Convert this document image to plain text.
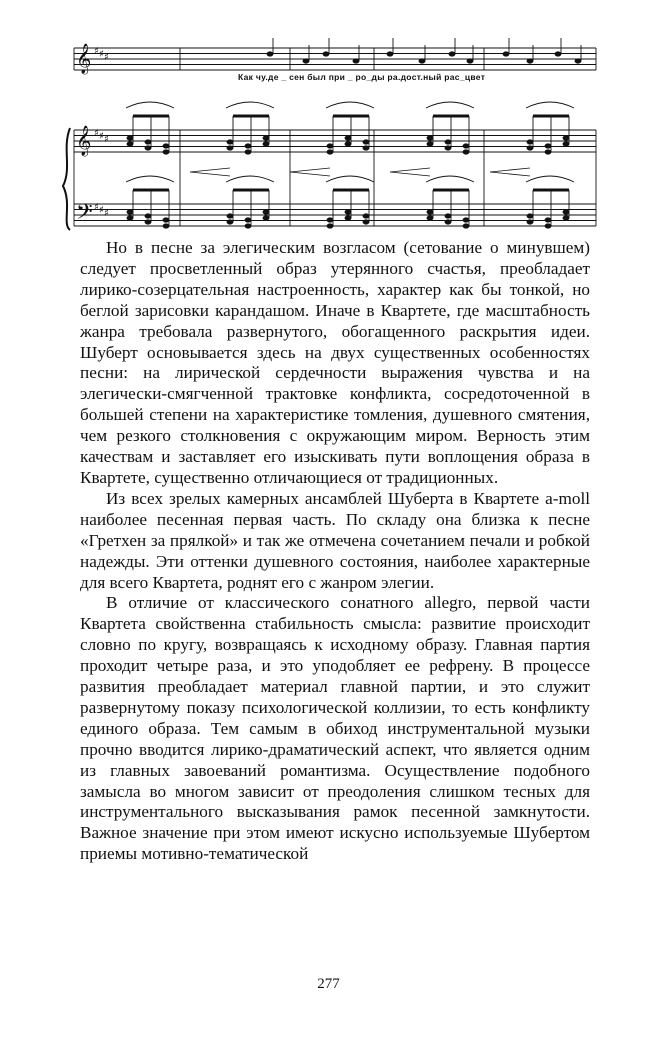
𝄞 ♯ ♯ ♯
𝄞 ♯ ♯ ♯
𝄢 ♯ ♯ ♯
Как чу.де _ сен был при _ ро_ды ра.дост.ный рас_цвет

Но в песне за элегическим возгласом (сетование о минувшем) следует просветленный образ утерянного счастья, преобладает лирико-созерцательная настроенность, характер как бы тонкой, но беглой зарисовки карандашом. Иначе в Квартете, где масштабность жанра требовала развернутого, обогащенного раскрытия идеи. Шуберт основывается здесь на двух существенных особенностях песни: на лирической сердечности выражения чувства и на элегически-смягченной трактовке конфликта, сосредоточенной в большей степени на характеристике томления, душевного смятения, чем резкого столкновения с окружающим миром. Верность этим качествам и заставляет его изыскивать пути воплощения образа в Квартете, существенно отличающиеся от традиционных.

Из всех зрелых камерных ансамблей Шуберта в Квартете a-moll наиболее песенная первая часть. По складу она близка к песне «Гретхен за прялкой» и так же отмечена сочетанием печали и робкой надежды. Эти оттенки душевного состояния, наиболее характерные для всего Квартета, роднят его с жанром элегии.

В отличие от классического сонатного allegro, первой части Квартета свойственна стабильность смысла: развитие происходит словно по кругу, возвращаясь к исходному образу. Главная партия проходит четыре раза, и это уподобляет ее рефрену. В процессе развития преобладает материал главной партии, и это служит развернутому показу психологической коллизии, то есть конфликту единого образа. Тем самым в обиход инструментальной музыки прочно вводится лирико-драматический аспект, что является одним из главных завоеваний романтизма. Осуществление подобного замысла во многом зависит от преодоления слишком тесных для инструментального высказывания рамок песенной замкнутости. Важное значение при этом имеют искусно используемые Шубертом приемы мотивно-тематической

277
